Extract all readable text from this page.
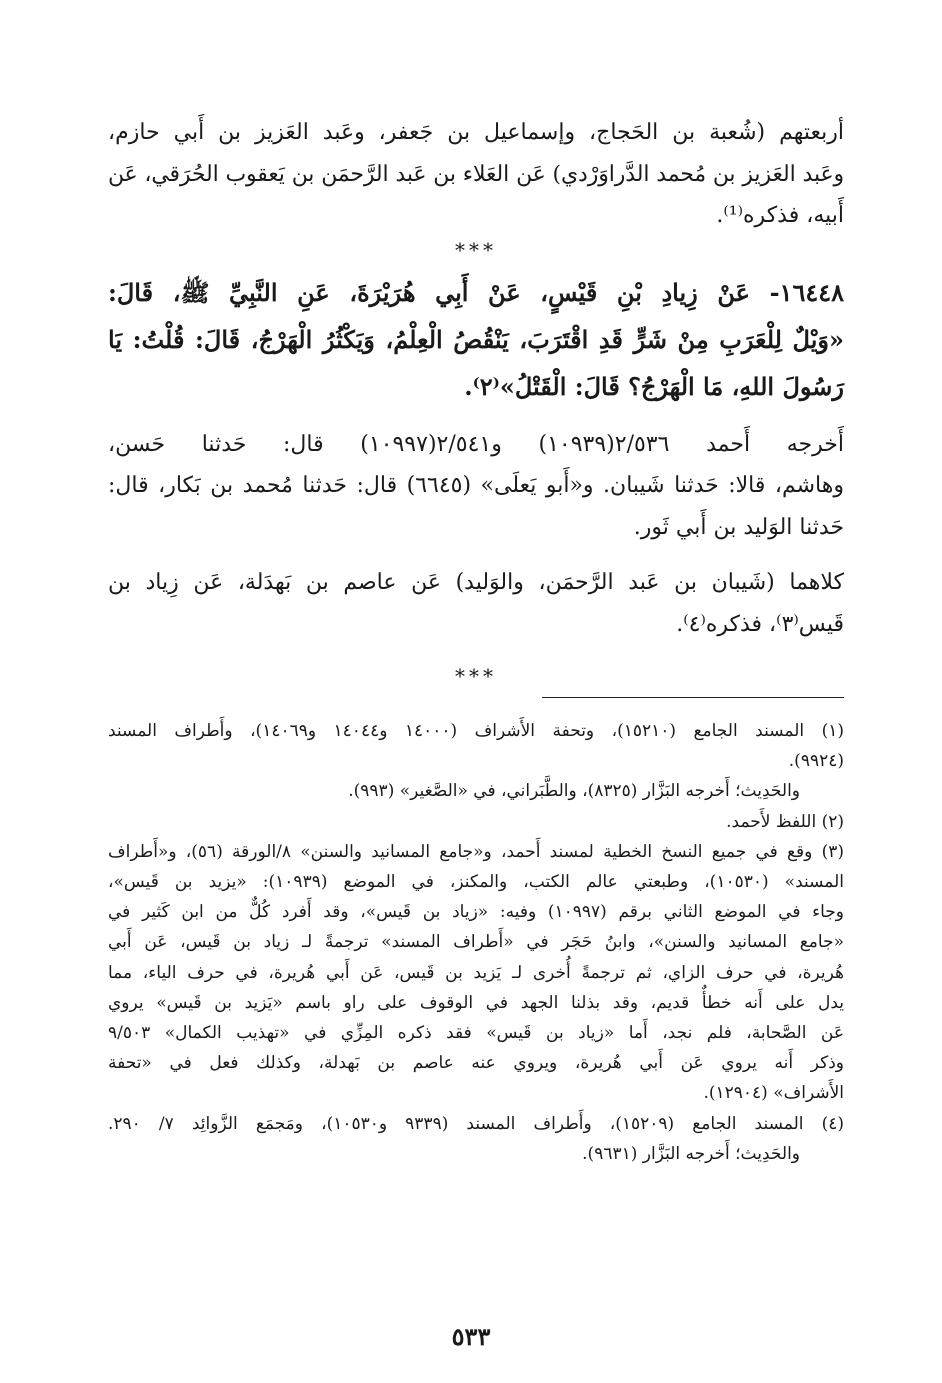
أربعتهم (شُعبة بن الحَجاج، وإسماعيل بن جَعفر، وعَبد العَزيز بن أَبي حازم،
وعَبد العَزيز بن مُحمد الدَّراوَرْدي) عَن العَلاء بن عَبد الرَّحمَن بن يَعقوب الحُرَقي، عَن
أَبيه، فذكره⁽¹⁾.
***
١٦٤٤٨- عَنْ زِيادِ بْنِ قَيْسٍ، عَنْ أَبِي هُرَيْرَةَ، عَنِ النَّبِيِّ ﷺ، قَالَ:
«وَيْلٌ لِلْعَرَبِ مِنْ شَرٍّ قَدِ اقْتَرَبَ، يَنْقُصُ الْعِلْمُ، وَيَكْثُرُ الْهَرْجُ، قَالَ: قُلْتُ: يَا
رَسُولَ اللهِ، مَا الْهَرْجُ؟ قَالَ: الْقَتْلُ»⁽٢⁾.
أَخرجه أَحمد ٢/٥٣٦(١٠٩٣٩) و٢/٥٤١(١٠٩٩٧) قال: حَدثنا حَسن،
وهاشم، قالا: حَدثنا شَيبان. و«أَبو يَعلَى» (٦٦٤٥) قال: حَدثنا مُحمد بن بَكار، قال:
حَدثنا الوَليد بن أَبي ثَور.
كلاهما (شَيبان بن عَبد الرَّحمَن، والوَليد) عَن عاصم بن بَهدَلة، عَن زِياد بن
قَيس⁽٣⁾، فذكره⁽٤⁾.
***
(١) المسند الجامع (١٥٢١٠)، وتحفة الأَشراف (١٤٠٠٠ و١٤٠٤٤ و١٤٠٦٩)، وأَطراف المسند
(٩٩٢٤).
والحَدِيث؛ أَخرجه البَزَّار (٨٣٢٥)، والطَّبَراني، في «الصَّغير» (٩٩٣).
(٢) اللفظ لأَحمد.
(٣) وقع في جميع النسخ الخطية لمسند أَحمد، و«جامع المسانيد والسنن» ٨/الورقة (٥٦)، و«أَطراف
المسند» (١٠٥٣٠)، وطبعتي عالم الكتب، والمكنز، في الموضع (١٠٩٣٩): «يزيد بن قَيس»،
وجاء في الموضع الثاني برقم (١٠٩٩٧) وفيه: «زياد بن قَيس»، وقد أَفرد كُلٌّ من ابن كَثير في
«جامع المسانيد والسنن»، وابنُ حَجَر في «أَطراف المسند» ترجمةً لـ زياد بن قَيس، عَن أَبي
هُريرة، في حرف الزاي، ثم ترجمةً أُخرى لـ يَزيد بن قَيس، عَن أَبي هُريرة، في حرف الياء، مما
يدل على أَنه خطأٌ قديم، وقد بذلنا الجهد في الوقوف على راو باسم «يَزيد بن قَيس» يروي
عَن الصَّحابة، فلم نجد، أَما «زياد بن قَيس» فقد ذكره المِزِّي في «تهذيب الكمال» ٩/٥٠٣
وذكر أَنه يروي عَن أَبي هُريرة، ويروي عنه عاصم بن بَهدلة، وكذلك فعل في «تحفة
الأَشراف» (١٢٩٠٤).
(٤) المسند الجامع (١٥٢٠٩)، وأَطراف المسند (٩٣٣٩ و١٠٥٣٠)، ومَجمَع الزَّوائِد ٧/ ٢٩٠.
والحَدِيث؛ أَخرجه البَزَّار (٩٦٣١).
٥٣٣
